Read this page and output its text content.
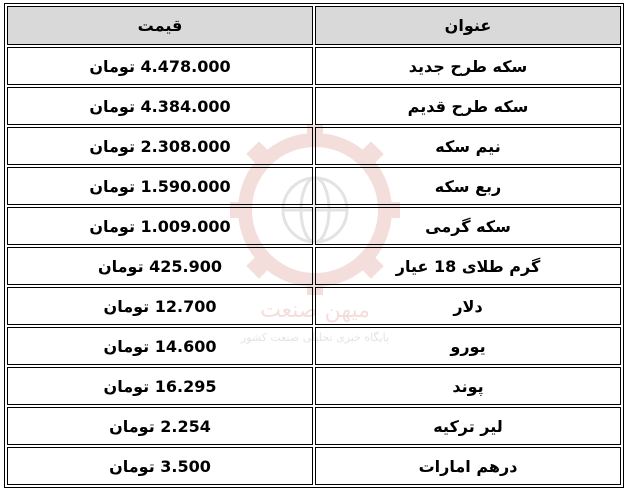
میهن صنعت
پایگاه خبری تحلیلی صنعت کشور
عنوان	قیمت
سکه طرح جدید	4.478.000 تومان
سکه طرح قدیم	4.384.000 تومان
نیم سکه	2.308.000 تومان
ربع سکه	1.590.000 تومان
سکه گرمی	1.009.000 تومان
گرم طلای 18 عیار	425.900 تومان
دلار	12.700 تومان
یورو	14.600 تومان
پوند	16.295 تومان
لیر ترکیه	2.254 تومان
درهم امارات	3.500 تومان
